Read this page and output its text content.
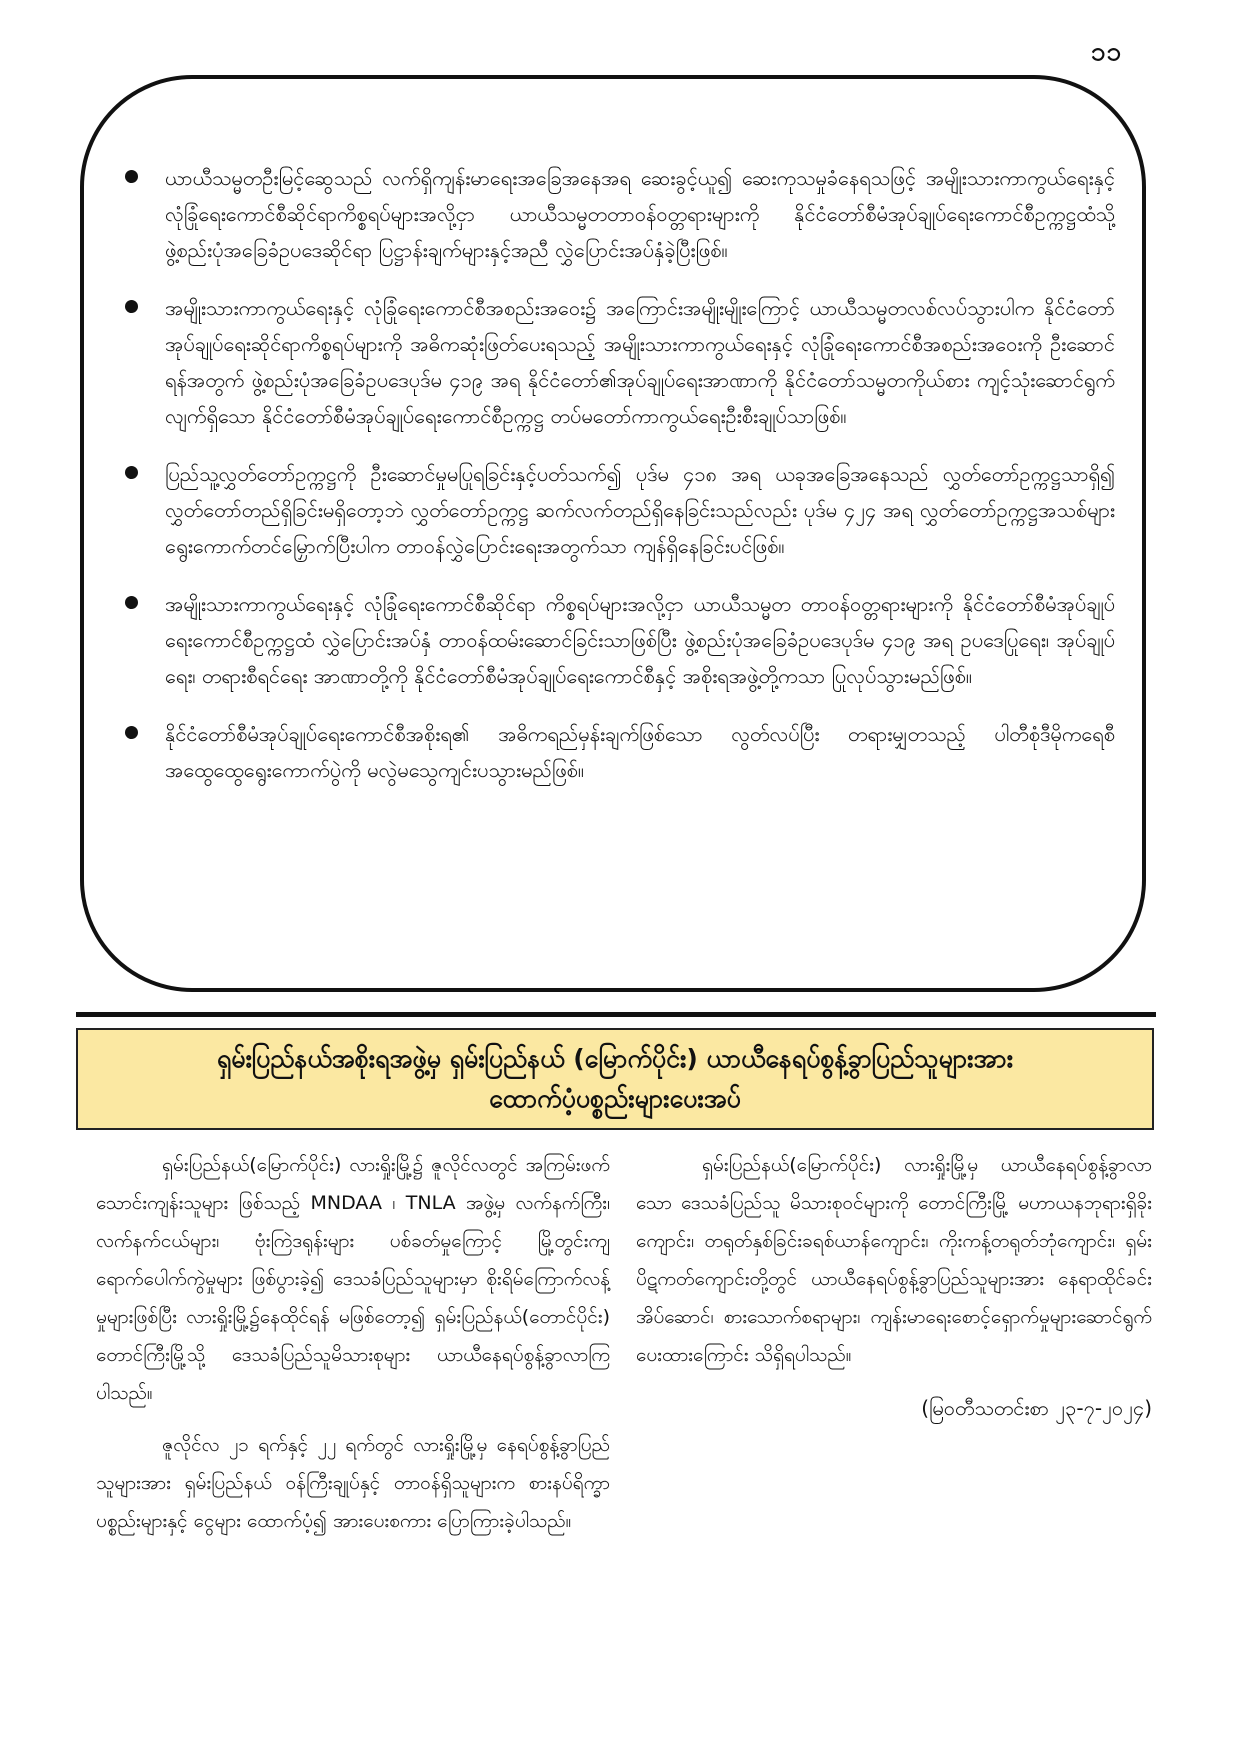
၁၁
ယာယီသမ္မတဦးမြင့်ဆွေသည် လက်ရှိကျန်းမာရေးအခြေအနေအရ ဆေးခွင့်ယူ၍ ဆေးကုသမှုခံနေရသဖြင့် အမျိုးသားကာကွယ်ရေးနှင့် လုံခြုံရေးကောင်စီဆိုင်ရာကိစ္စရပ်များအလို့ငှာ ယာယီသမ္မတတာဝန်ဝတ္တရားများကို နိုင်ငံတော်စီမံအုပ်ချုပ်ရေးကောင်စီဥက္ကဋ္ဌထံသို့ ဖွဲ့စည်းပုံအခြေခံဥပဒေဆိုင်ရာ ပြဋ္ဌာန်းချက်များနှင့်အညီ လွှဲပြောင်းအပ်နှံခဲ့ပြီးဖြစ်။
အမျိုးသားကာကွယ်ရေးနှင့် လုံခြုံရေးကောင်စီအစည်းအဝေး၌ အကြောင်းအမျိုးမျိုးကြောင့် ယာယီသမ္မတလစ်လပ်သွားပါက နိုင်ငံတော်အုပ်ချုပ်ရေးဆိုင်ရာကိစ္စရပ်များကို အဓိကဆုံးဖြတ်ပေးရသည့် အမျိုးသားကာကွယ်ရေးနှင့် လုံခြုံရေးကောင်စီအစည်းအဝေးကို ဦးဆောင်ရန်အတွက် ဖွဲ့စည်းပုံအခြေခံဥပဒေပုဒ်မ ၄၁၉ အရ နိုင်ငံတော်၏အုပ်ချုပ်ရေးအာဏာကို နိုင်ငံတော်သမ္မတကိုယ်စား ကျင့်သုံးဆောင်ရွက်လျက်ရှိသော နိုင်ငံတော်စီမံအုပ်ချုပ်ရေးကောင်စီဥက္ကဋ္ဌ တပ်မတော်ကာကွယ်ရေးဦးစီးချုပ်သာဖြစ်။
ပြည်သူ့လွှတ်တော်ဥက္ကဋ္ဌကို ဦးဆောင်မှုမပြုရခြင်းနှင့်ပတ်သက်၍ ပုဒ်မ ၄၁၈ အရ ယခုအခြေအနေသည် လွှတ်တော်ဥက္ကဋ္ဌသာရှိ၍ လွှတ်တော်တည်ရှိခြင်းမရှိတော့ဘဲ လွှတ်တော်ဥက္ကဋ္ဌ ဆက်လက်တည်ရှိနေခြင်းသည်လည်း ပုဒ်မ ၄၂၄ အရ လွှတ်တော်ဥက္ကဋ္ဌအသစ်များ ရွေးကောက်တင်မြှောက်ပြီးပါက တာဝန်လွှဲပြောင်းရေးအတွက်သာ ကျန်ရှိနေခြင်းပင်ဖြစ်။
အမျိုးသားကာကွယ်ရေးနှင့် လုံခြုံရေးကောင်စီဆိုင်ရာ ကိစ္စရပ်များအလို့ငှာ ယာယီသမ္မတ တာဝန်ဝတ္တရားများကို နိုင်ငံတော်စီမံအုပ်ချုပ်ရေးကောင်စီဥက္ကဋ္ဌထံ လွှဲပြောင်းအပ်နှံ တာဝန်ထမ်းဆောင်ခြင်းသာဖြစ်ပြီး ဖွဲ့စည်းပုံအခြေခံဥပဒေပုဒ်မ ၄၁၉ အရ ဥပဒေပြုရေး၊ အုပ်ချုပ်ရေး၊ တရားစီရင်ရေး အာဏာတို့ကို နိုင်ငံတော်စီမံအုပ်ချုပ်ရေးကောင်စီနှင့် အစိုးရအဖွဲ့တို့ကသာ ပြုလုပ်သွားမည်ဖြစ်။
နိုင်ငံတော်စီမံအုပ်ချုပ်ရေးကောင်စီအစိုးရ၏ အဓိကရည်မှန်းချက်ဖြစ်သော လွတ်လပ်ပြီး တရားမျှတသည့် ပါတီစုံဒီမိုကရေစီအထွေထွေရွေးကောက်ပွဲကို မလွဲမသွေကျင်းပသွားမည်ဖြစ်။
ရှမ်းပြည်နယ်အစိုးရအဖွဲ့မှ ရှမ်းပြည်နယ် (မြောက်ပိုင်း) ယာယီနေရပ်စွန့်ခွာပြည်သူများအား
ထောက်ပံ့ပစ္စည်းများပေးအပ်

ရှမ်းပြည်နယ်(မြောက်ပိုင်း) လားရှိုးမြို့၌ ဇူလိုင်လတွင် အကြမ်းဖက်သောင်းကျန်းသူများ ဖြစ်သည့် MNDAA ၊ TNLA အဖွဲ့မှ လက်နက်ကြီး၊ လက်နက်ငယ်များ၊ ဗုံးကြဲဒရုန်းများ ပစ်ခတ်မှုကြောင့် မြို့တွင်းကျရောက်ပေါက်ကွဲမှုများ ဖြစ်ပွားခဲ့၍ ဒေသခံပြည်သူများမှာ စိုးရိမ်ကြောက်လန့်မှုများဖြစ်ပြီး လားရှိုးမြို့၌နေထိုင်ရန် မဖြစ်တော့၍ ရှမ်းပြည်နယ်(တောင်ပိုင်း) တောင်ကြီးမြို့သို့ ဒေသခံပြည်သူမိသားစုများ ယာယီနေရပ်စွန့်ခွာလာကြပါသည်။

ဇူလိုင်လ ၂၁ ရက်နှင့် ၂၂ ရက်တွင် လားရှိုးမြို့မှ နေရပ်စွန့်ခွာပြည်သူများအား ရှမ်းပြည်နယ် ဝန်ကြီးချုပ်နှင့် တာဝန်ရှိသူများက စားနပ်ရိက္ခာပစ္စည်းများနှင့် ငွေများ ထောက်ပံ့၍ အားပေးစကား ပြောကြားခဲ့ပါသည်။

ရှမ်းပြည်နယ်(မြောက်ပိုင်း) လားရှိုးမြို့မှ ယာယီနေရပ်စွန့်ခွာလာသော ဒေသခံပြည်သူ မိသားစုဝင်များကို တောင်ကြီးမြို့ မဟာယနဘုရားရှိခိုးကျောင်း၊ တရုတ်နှစ်ခြင်းခရစ်ယာန်ကျောင်း၊ ကိုးကန့်တရုတ်ဘုံကျောင်း၊ ရှမ်းပိဋကတ်ကျောင်းတို့တွင် ယာယီနေရပ်စွန့်ခွာပြည်သူများအား နေရာထိုင်ခင်းအိပ်ဆောင်၊ စားသောက်စရာများ၊ ကျန်းမာရေးစောင့်ရှောက်မှုများဆောင်ရွက်ပေးထားကြောင်း သိရှိရပါသည်။

(မြဝတီသတင်းစာ ၂၃-၇-၂၀၂၄)
